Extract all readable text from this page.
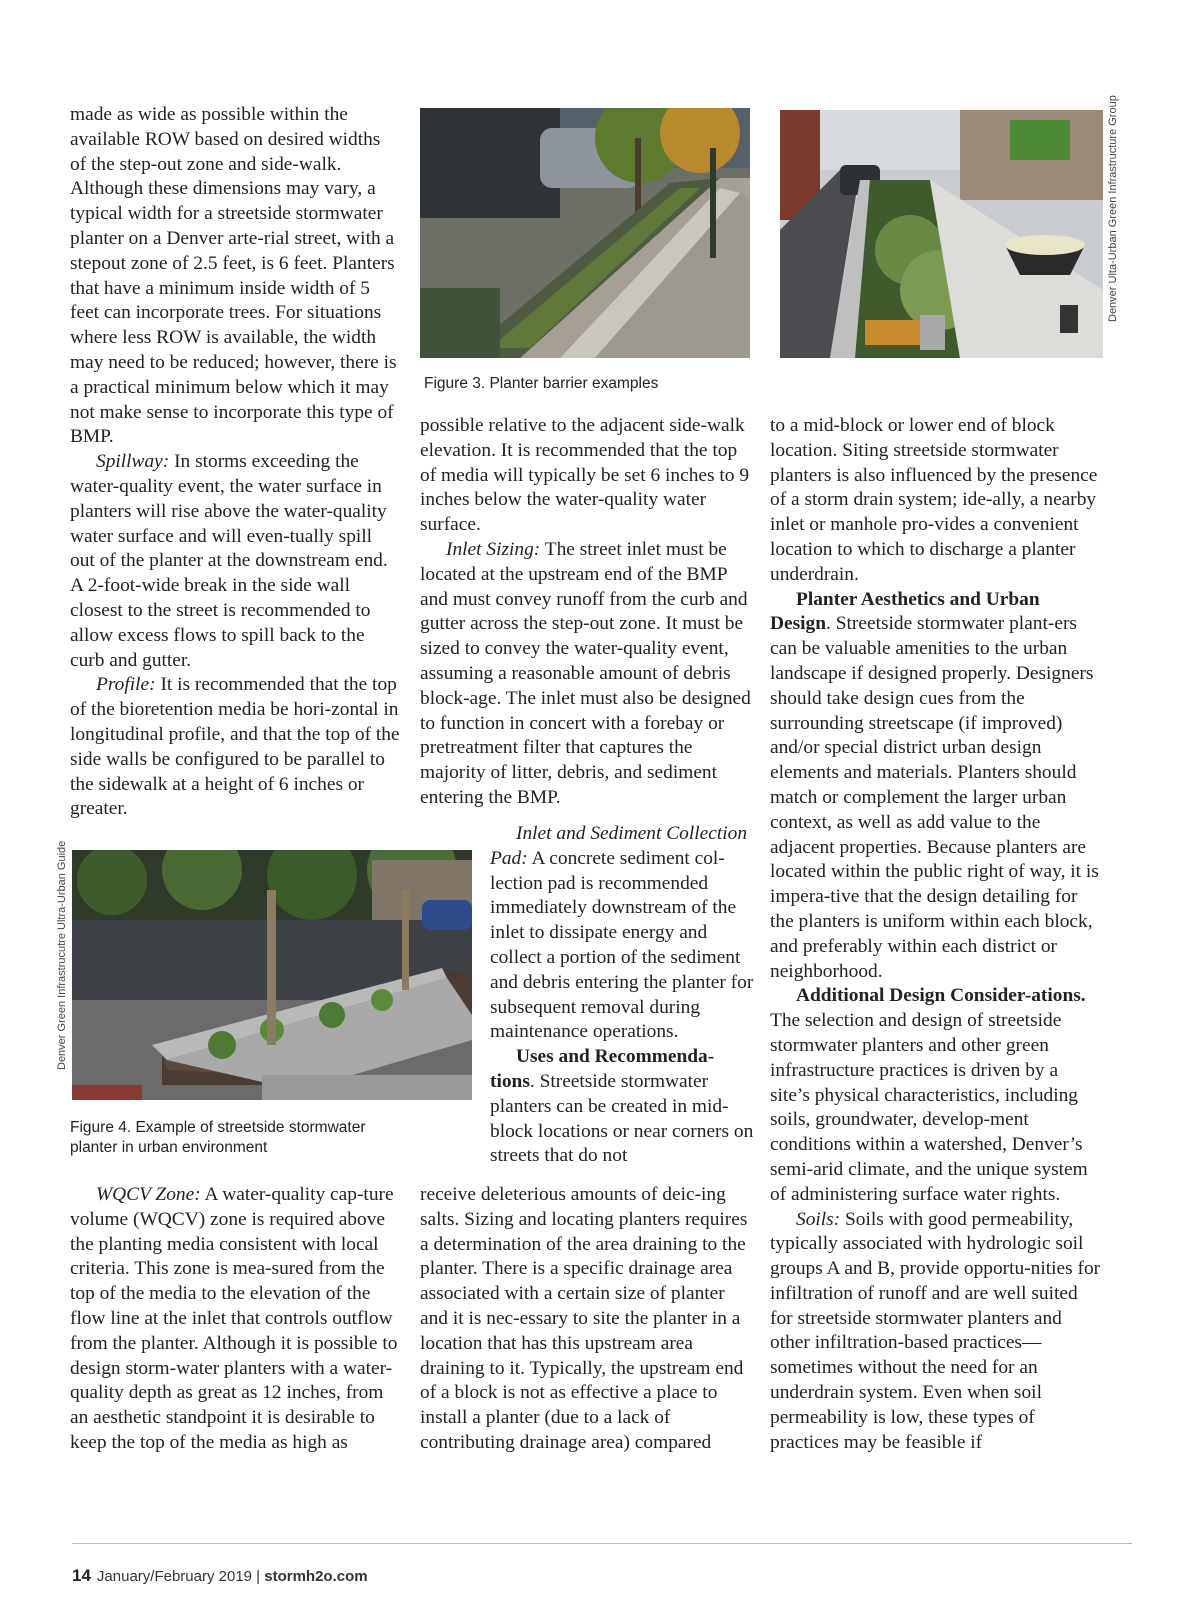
made as wide as possible within the available ROW based on desired widths of the step-out zone and side-walk. Although these dimensions may vary, a typical width for a streetside stormwater planter on a Denver arte-rial street, with a stepout zone of 2.5 feet, is 6 feet. Planters that have a minimum inside width of 5 feet can incorporate trees. For situations where less ROW is available, the width may need to be reduced; however, there is a practical minimum below which it may not make sense to incorporate this type of BMP.

Spillway: In storms exceeding the water-quality event, the water surface in planters will rise above the water-quality water surface and will even-tually spill out of the planter at the downstream end. A 2-foot-wide break in the side wall closest to the street is recommended to allow excess flows to spill back to the curb and gutter.

Profile: It is recommended that the top of the bioretention media be hori-zontal in longitudinal profile, and that the top of the side walls be configured to be parallel to the sidewalk at a height of 6 inches or greater.

Denver Green Infrastrucutre Ultra-Urban Guide
Figure 4. Example of streetside stormwater planter in urban environment

WQCV Zone: A water-quality cap-ture volume (WQCV) zone is required above the planting media consistent with local criteria. This zone is mea-sured from the top of the media to the elevation of the flow line at the inlet that controls outflow from the planter. Although it is possible to design storm-water planters with a water-quality depth as great as 12 inches, from an aesthetic standpoint it is desirable to keep the top of the media as high as

Denver Ulta-Urban Green Infrastructure Group
Figure 3. Planter barrier examples

possible relative to the adjacent side-walk elevation. It is recommended that the top of media will typically be set 6 inches to 9 inches below the water-quality water surface.

Inlet Sizing: The street inlet must be located at the upstream end of the BMP and must convey runoff from the curb and gutter across the step-out zone. It must be sized to convey the water-quality event, assuming a reasonable amount of debris block-age. The inlet must also be designed to function in concert with a forebay or pretreatment filter that captures the majority of litter, debris, and sediment entering the BMP.

Inlet and Sediment Collection Pad: A concrete sediment col-lection pad is recommended immediately downstream of the inlet to dissipate energy and collect a portion of the sediment and debris entering the planter for subsequent removal during maintenance operations.

Uses and Recommenda-tions. Streetside stormwater planters can be created in mid-block locations or near corners on streets that do not

receive deleterious amounts of deic-ing salts. Sizing and locating planters requires a determination of the area draining to the planter. There is a specific drainage area associated with a certain size of planter and it is nec-essary to site the planter in a location that has this upstream area draining to it. Typically, the upstream end of a block is not as effective a place to install a planter (due to a lack of contributing drainage area) compared

to a mid-block or lower end of block location. Siting streetside stormwater planters is also influenced by the presence of a storm drain system; ide-ally, a nearby inlet or manhole pro-vides a convenient location to which to discharge a planter underdrain.

Planter Aesthetics and Urban Design. Streetside stormwater plant-ers can be valuable amenities to the urban landscape if designed properly. Designers should take design cues from the surrounding streetscape (if improved) and/or special district urban design elements and materials. Planters should match or complement the larger urban context, as well as add value to the adjacent properties. Because planters are located within the public right of way, it is impera-tive that the design detailing for the planters is uniform within each block, and preferably within each district or neighborhood.

Additional Design Consider-ations. The selection and design of streetside stormwater planters and other green infrastructure practices is driven by a site’s physical characteristics, including soils, groundwater, develop-ment conditions within a watershed, Denver’s semi-arid climate, and the unique system of administering surface water rights.

Soils: Soils with good permeability, typically associated with hydrologic soil groups A and B, provide opportu-nities for infiltration of runoff and are well suited for streetside stormwater planters and other infiltration-based practices—sometimes without the need for an underdrain system. Even when soil permeability is low, these types of practices may be feasible if

14 January/February 2019 | stormh2o.com
